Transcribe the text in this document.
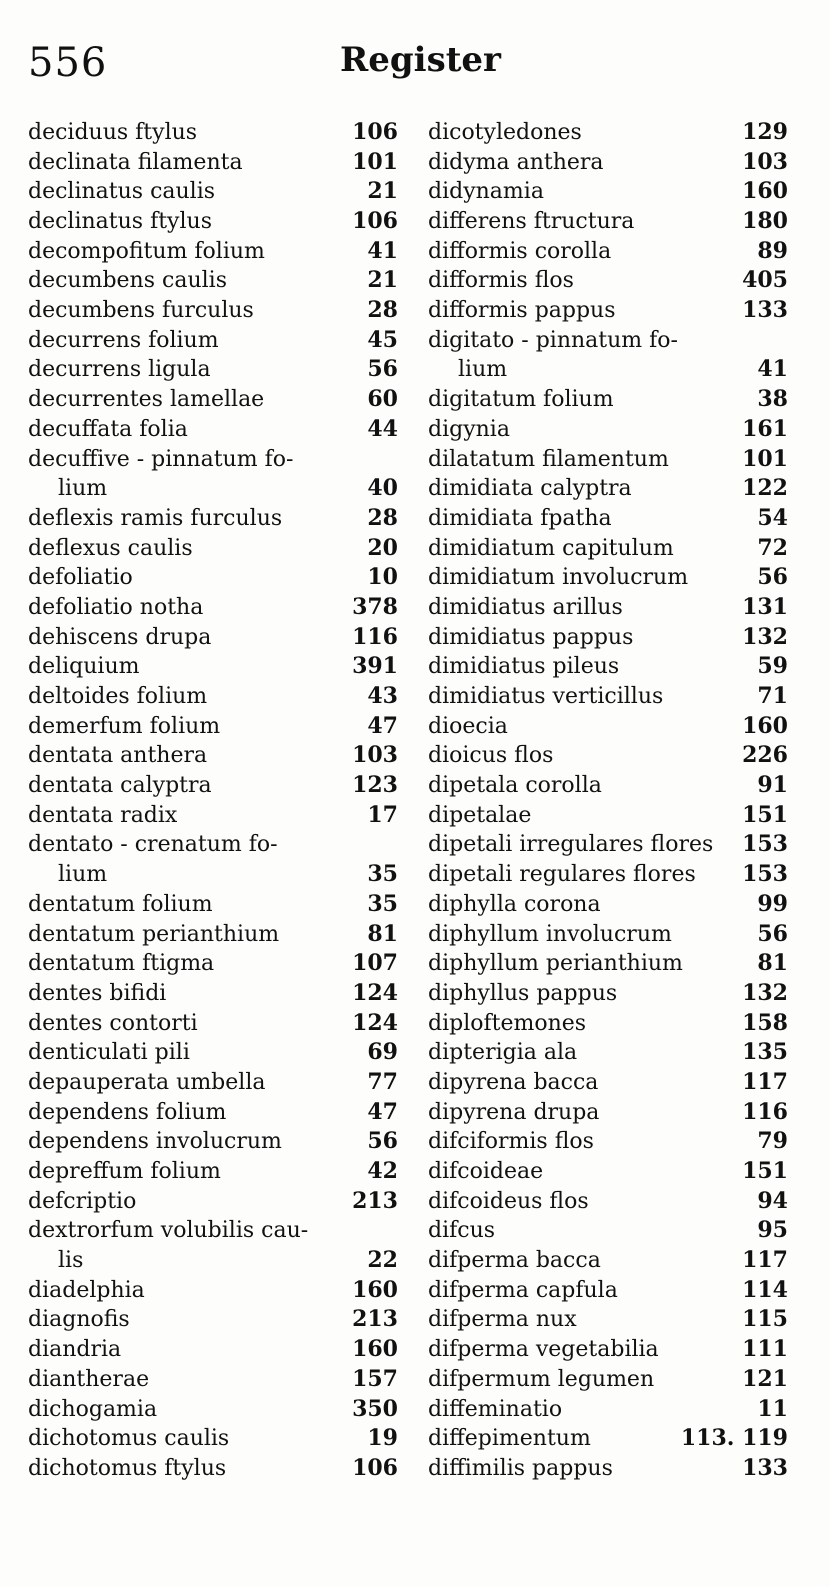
556	Register
deciduus ftylus	106
declinata filamenta	101
declinatus caulis	21
declinatus ftylus	106
decompofitum folium	41
decumbens caulis	21
decumbens furculus	28
decurrens folium	45
decurrens ligula	56
decurrentes lamellae	60
decuffata folia	44
decuffive - pinnatum fo-
lium	40
deflexis ramis furculus	28
deflexus caulis	20
defoliatio	10
defoliatio notha	378
dehiscens drupa	116
deliquium	391
deltoides folium	43
demerfum folium	47
dentata anthera	103
dentata calyptra	123
dentata radix	17
dentato - crenatum fo-
lium	35
dentatum folium	35
dentatum perianthium	81
dentatum ftigma	107
dentes bifidi	124
dentes contorti	124
denticulati pili	69
depauperata umbella	77
dependens folium	47
dependens involucrum	56
depreffum folium	42
defcriptio	213
dextrorfum volubilis cau-
lis	22
diadelphia	160
diagnofis	213
diandria	160
diantherae	157
dichogamia	350
dichotomus caulis	19
dichotomus ftylus	106
dicotyledones	129
didyma anthera	103
didynamia	160
differens ftructura	180
difformis corolla	89
difformis flos	405
difformis pappus	133
digitato - pinnatum fo-
lium	41
digitatum folium	38
digynia	161
dilatatum filamentum	101
dimidiata calyptra	122
dimidiata fpatha	54
dimidiatum capitulum	72
dimidiatum involucrum	56
dimidiatus arillus	131
dimidiatus pappus	132
dimidiatus pileus	59
dimidiatus verticillus	71
dioecia	160
dioicus flos	226
dipetala corolla	91
dipetalae	151
dipetali irregulares flores 153
dipetali regulares flores 153
diphylla corona	99
diphyllum involucrum	56
diphyllum perianthium	81
diphyllus pappus	132
diploftemones	158
dipterigia ala	135
dipyrena bacca	117
dipyrena drupa	116
difciformis flos	79
difcoideae	151
difcoideus flos	94
difcus	95
difperma bacca	117
difperma capfula	114
difperma nux	115
difperma vegetabilia	111
difpermum legumen	121
diffeminatio	11
diffepimentum	113. 119
diffimilis pappus	133
